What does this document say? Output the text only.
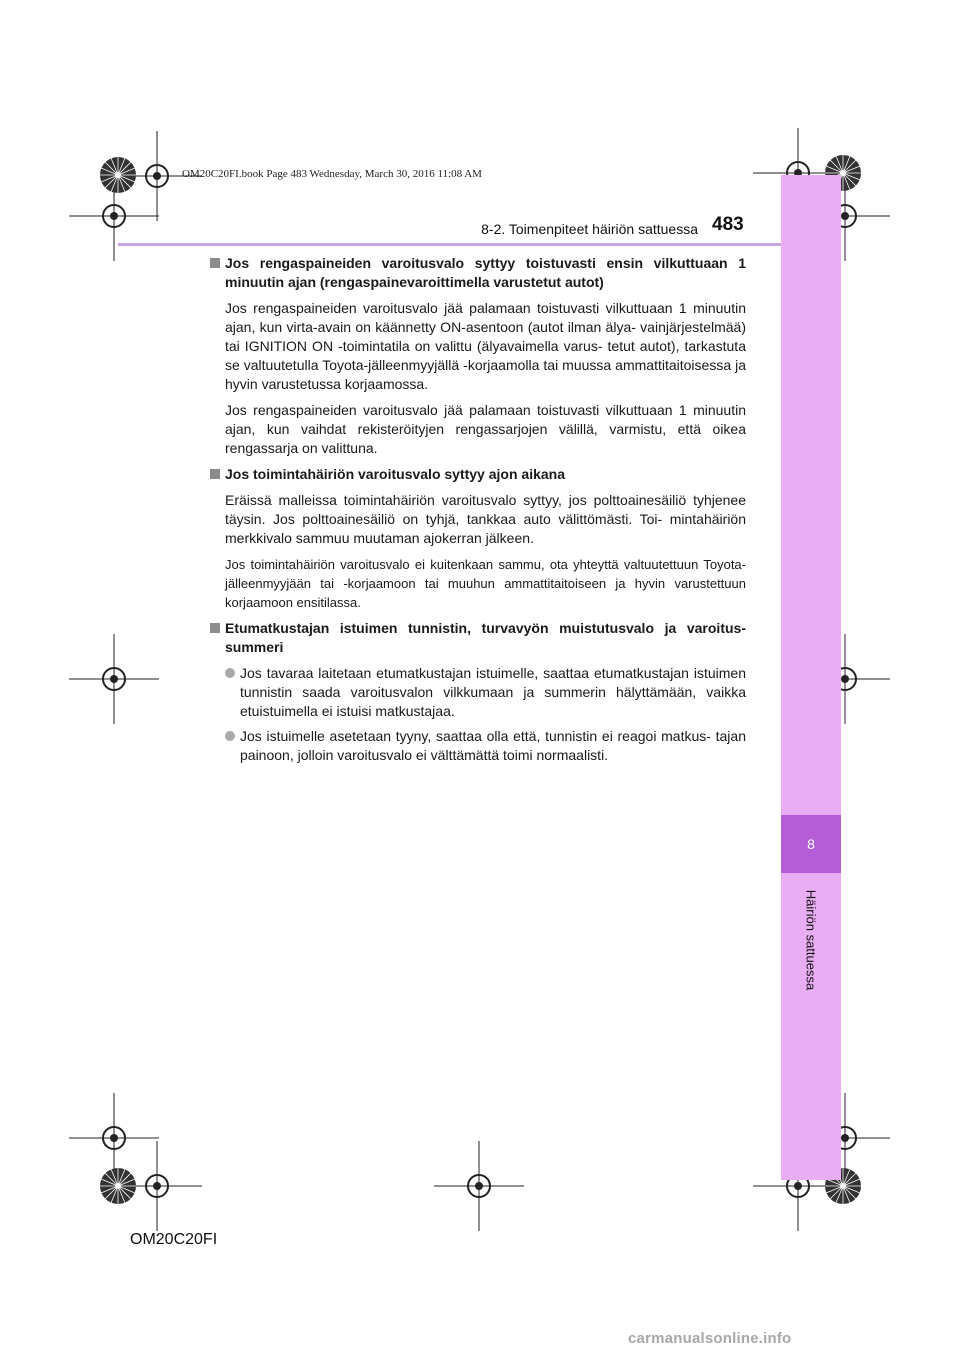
8
Häiriön sattuessa
OM20C20FI.book Page 483 Wednesday, March 30, 2016 11:08 AM
8-2. Toimenpiteet häiriön sattuessa 483
Jos rengaspaineiden varoitusvalo syttyy toistuvasti ensin vilkuttuaan 1 minuutin ajan (rengaspainevaroittimella varustetut autot)
Jos rengaspaineiden varoitusvalo jää palamaan toistuvasti vilkuttuaan 1 minuutin ajan, kun virta-avain on käännetty ON-asentoon (autot ilman älya- vainjärjestelmää) tai IGNITION ON -toimintatila on valittu (älyavaimella varus- tetut autot), tarkastuta se valtuutetulla Toyota-jälleenmyyjällä -korjaamolla tai muussa ammattitaitoisessa ja hyvin varustetussa korjaamossa.
Jos rengaspaineiden varoitusvalo jää palamaan toistuvasti vilkuttuaan 1 minuutin ajan, kun vaihdat rekisteröityjen rengassarjojen välillä, varmistu, että oikea rengassarja on valittuna.
Jos toimintahäiriön varoitusvalo syttyy ajon aikana
Eräissä malleissa toimintahäiriön varoitusvalo syttyy, jos polttoainesäiliö tyhjenee täysin. Jos polttoainesäiliö on tyhjä, tankkaa auto välittömästi. Toi- mintahäiriön merkkivalo sammuu muutaman ajokerran jälkeen.
Jos toimintahäiriön varoitusvalo ei kuitenkaan sammu, ota yhteyttä valtuutettuun Toyota-jälleenmyyjään tai -korjaamoon tai muuhun ammattitaitoiseen ja hyvin varustettuun korjaamoon ensitilassa.
Etumatkustajan istuimen tunnistin, turvavyön muistutusvalo ja varoitus- summeri
Jos tavaraa laitetaan etumatkustajan istuimelle, saattaa etumatkustajan istuimen tunnistin saada varoitusvalon vilkkumaan ja summerin hälyttämään, vaikka etuistuimella ei istuisi matkustajaa.
Jos istuimelle asetetaan tyyny, saattaa olla että, tunnistin ei reagoi matkus- tajan painoon, jolloin varoitusvalo ei välttämättä toimi normaalisti.
OM20C20FI
carmanualsonline.info
